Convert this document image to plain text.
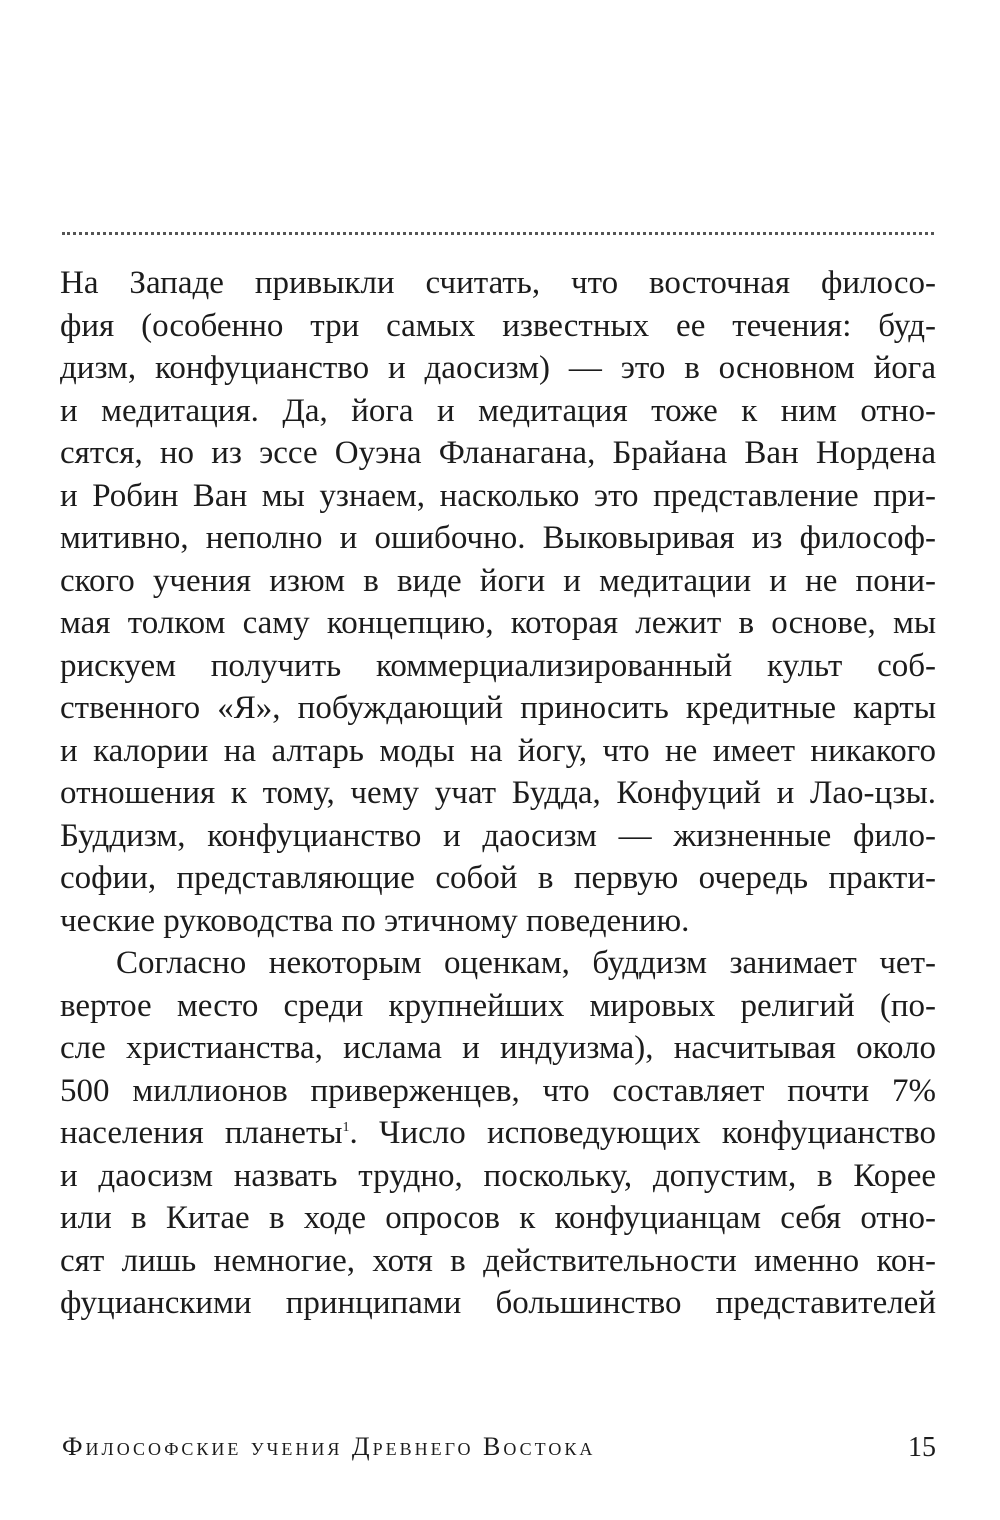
На Западе привыкли считать, что восточная филосо-
фия (особенно три самых известных ее течения: буд-
дизм, конфуцианство и даосизм) — это в основном йога
и медитация. Да, йога и медитация тоже к ним отно-
сятся, но из эссе Оуэна Фланагана, Брайана Ван Нордена
и Робин Ван мы узнаем, насколько это представление при-
митивно, неполно и ошибочно. Выковыривая из философ-
ского учения изюм в виде йоги и медитации и не пони-
мая толком саму концепцию, которая лежит в основе, мы
рискуем получить коммерциализированный культ соб-
ственного «Я», побуждающий приносить кредитные карты
и калории на алтарь моды на йогу, что не имеет никакого
отношения к тому, чему учат Будда, Конфуций и Лао-цзы.
Буддизм, конфуцианство и даосизм — жизненные фило-
софии, представляющие собой в первую очередь практи-
ческие руководства по этичному поведению.
Согласно некоторым оценкам, буддизм занимает чет-
вертое место среди крупнейших мировых религий (по-
сле христианства, ислама и индуизма), насчитывая около
500 миллионов приверженцев, что составляет почти 7%
населения планеты$^1$. Число исповедующих конфуцианство
и даосизм назвать трудно, поскольку, допустим, в Корее
или в Китае в ходе опросов к конфуцианцам себя отно-
сят лишь немногие, хотя в действительности именно кон-
фуцианскими принципами большинство представителей
Философские учения Древнего Востока	15
